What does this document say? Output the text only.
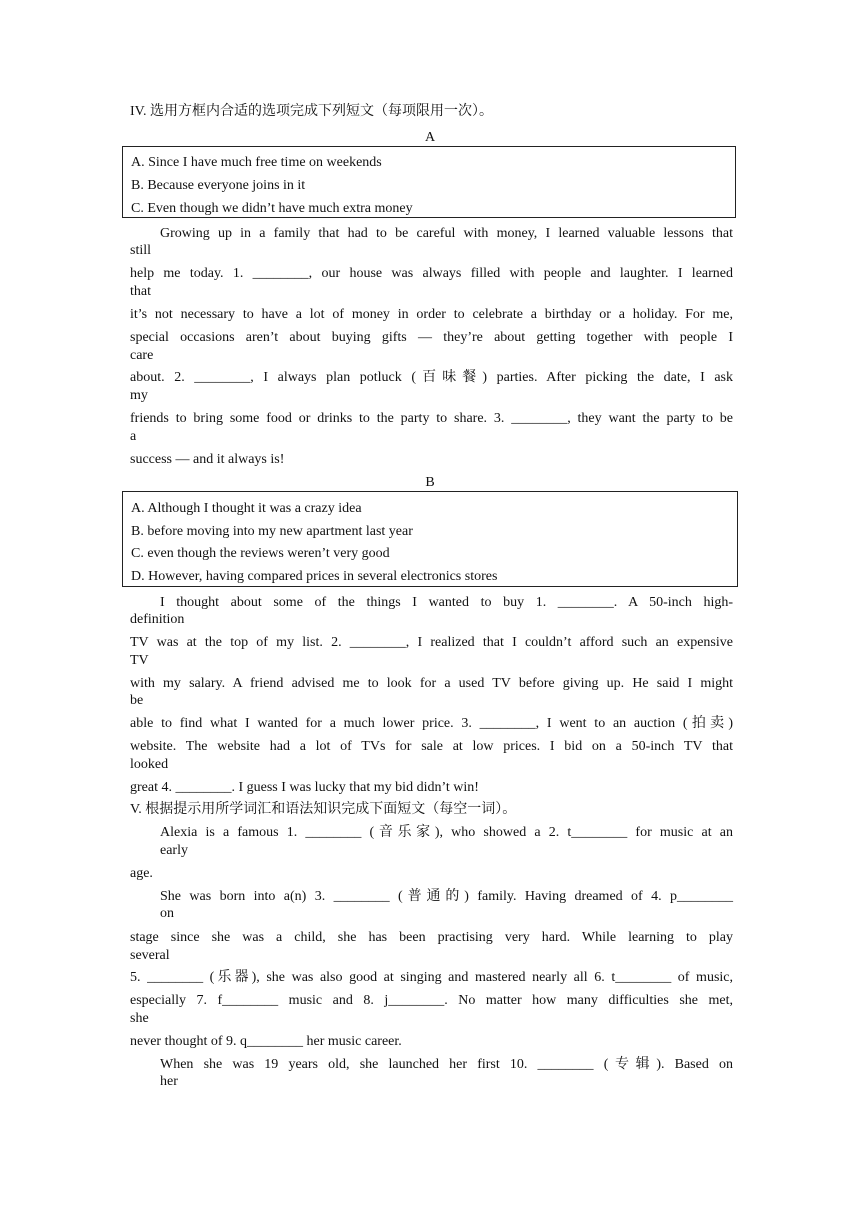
IV. 选用方框内合适的选项完成下列短文（每项限用一次）。
A
A. Since I have much free time on weekends
B. Because everyone joins in it
C. Even though we didn’t have much extra money
Growing up in a family that had to be careful with money, I learned valuable lessons that
still
help me today. 1. ________, our house was always filled with people and laughter. I learned
that
it’s not necessary to have a lot of money in order to celebrate a birthday or a holiday. For me,
special occasions aren’t about buying gifts — they’re about getting together with people I
care
about. 2. ________, I always plan potluck (百味餐) parties. After picking the date, I ask
my
friends to bring some food or drinks to the party to share. 3. ________, they want the party to be
a
success — and it always is!
B
A. Although I thought it was a crazy idea
B. before moving into my new apartment last year
C. even though the reviews weren’t very good
D. However, having compared prices in several electronics stores
I thought about some of the things I wanted to buy 1. ________. A 50-inch high-
definition
TV was at the top of my list. 2. ________, I realized that I couldn’t afford such an expensive
TV
with my salary. A friend advised me to look for a used TV before giving up. He said I might
be
able to find what I wanted for a much lower price. 3. ________, I went to an auction (拍卖)
website. The website had a lot of TVs for sale at low prices. I bid on a 50-inch TV that
looked
great 4. ________. I guess I was lucky that my bid didn’t win!
V. 根据提示用所学词汇和语法知识完成下面短文（每空一词）。
Alexia is a famous 1. ________ (音乐家), who showed a 2. t________ for music at an
early
age.
She was born into a(n) 3. ________ (普通的) family. Having dreamed of 4. p________
on
stage since she was a child, she has been practising very hard. While learning to play
several
5. ________ (乐器), she was also good at singing and mastered nearly all 6. t________ of music,
especially 7. f________ music and 8. j________. No matter how many difficulties she met,
she
never thought of 9. q________ her music career.
When she was 19 years old, she launched her first 10. ________ (专辑). Based on
her
